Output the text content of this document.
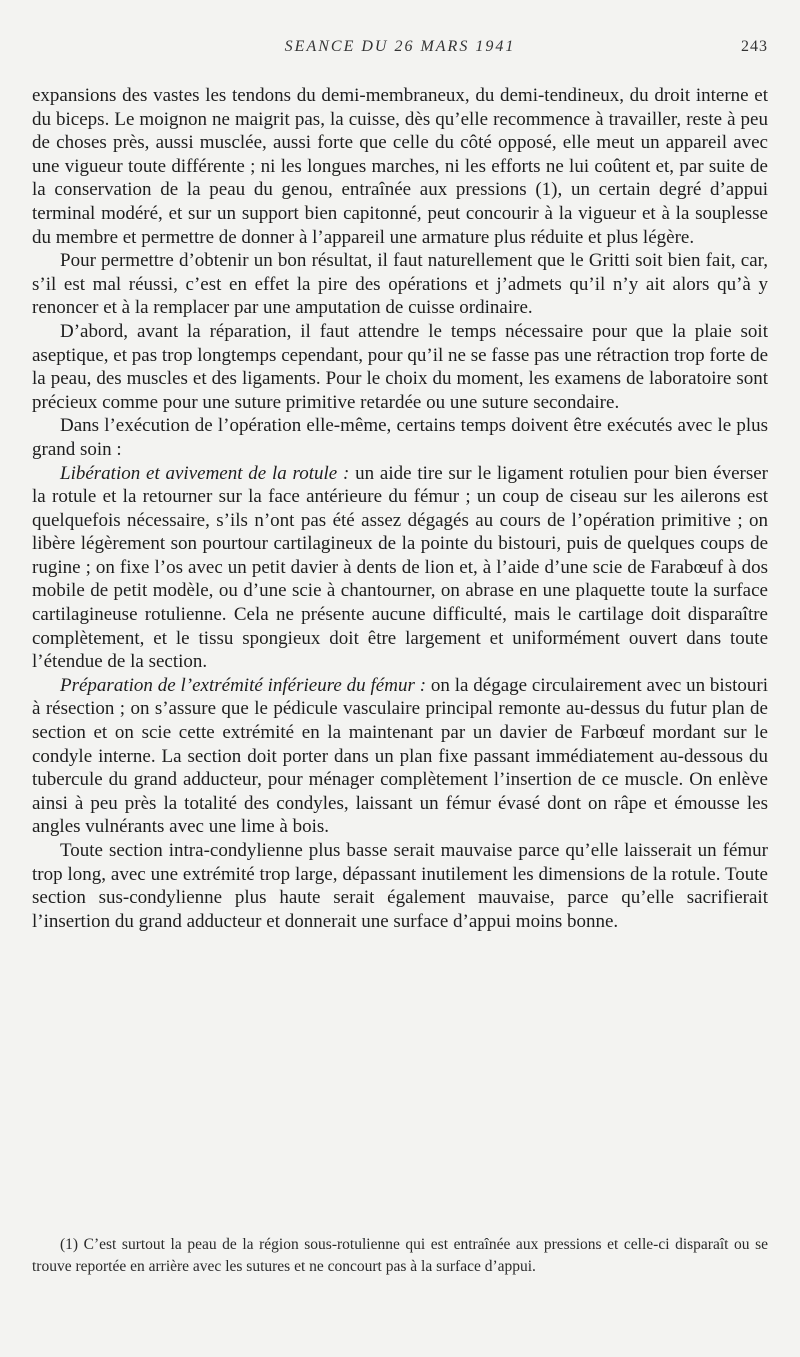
SEANCE DU 26 MARS 1941	243

expansions des vastes les tendons du demi-membraneux, du demi-tendineux, du droit interne et du biceps. Le moignon ne maigrit pas, la cuisse, dès qu’elle recommence à travailler, reste à peu de choses près, aussi musclée, aussi forte que celle du côté opposé, elle meut un appareil avec une vigueur toute différente ; ni les longues marches, ni les efforts ne lui coûtent et, par suite de la conservation de la peau du genou, entraînée aux pressions (1), un certain degré d’appui terminal modéré, et sur un support bien capitonné, peut concourir à la vigueur et à la souplesse du membre et permettre de donner à l’appareil une armature plus réduite et plus légère.

Pour permettre d’obtenir un bon résultat, il faut naturellement que le Gritti soit bien fait, car, s’il est mal réussi, c’est en effet la pire des opérations et j’admets qu’il n’y ait alors qu’à y renoncer et à la remplacer par une amputation de cuisse ordinaire.

D’abord, avant la réparation, il faut attendre le temps nécessaire pour que la plaie soit aseptique, et pas trop longtemps cependant, pour qu’il ne se fasse pas une rétraction trop forte de la peau, des muscles et des ligaments. Pour le choix du moment, les examens de laboratoire sont précieux comme pour une suture primitive retardée ou une suture secondaire.

Dans l’exécution de l’opération elle-même, certains temps doivent être exécutés avec le plus grand soin :

Libération et avivement de la rotule : un aide tire sur le ligament rotulien pour bien éverser la rotule et la retourner sur la face antérieure du fémur ; un coup de ciseau sur les ailerons est quelquefois nécessaire, s’ils n’ont pas été assez dégagés au cours de l’opération primitive ; on libère légèrement son pourtour cartilagineux de la pointe du bistouri, puis de quelques coups de rugine ; on fixe l’os avec un petit davier à dents de lion et, à l’aide d’une scie de Farabœuf à dos mobile de petit modèle, ou d’une scie à chantourner, on abrase en une plaquette toute la surface cartilagineuse rotulienne. Cela ne présente aucune difficulté, mais le cartilage doit disparaître complètement, et le tissu spongieux doit être largement et uniformément ouvert dans toute l’étendue de la section.

Préparation de l’extrémité inférieure du fémur : on la dégage circulairement avec un bistouri à résection ; on s’assure que le pédicule vasculaire principal remonte au-dessus du futur plan de section et on scie cette extrémité en la maintenant par un davier de Farbœuf mordant sur le condyle interne. La section doit porter dans un plan fixe passant immédiatement au-dessous du tubercule du grand adducteur, pour ménager complètement l’insertion de ce muscle. On enlève ainsi à peu près la totalité des condyles, laissant un fémur évasé dont on râpe et émousse les angles vulnérants avec une lime à bois.

Toute section intra-condylienne plus basse serait mauvaise parce qu’elle laisserait un fémur trop long, avec une extrémité trop large, dépassant inutilement les dimensions de la rotule. Toute section sus-condylienne plus haute serait également mauvaise, parce qu’elle sacrifierait l’insertion du grand adducteur et donnerait une surface d’appui moins bonne.

(1) C’est surtout la peau de la région sous-rotulienne qui est entraînée aux pressions et celle-ci disparaît ou se trouve reportée en arrière avec les sutures et ne concourt pas à la surface d’appui.
